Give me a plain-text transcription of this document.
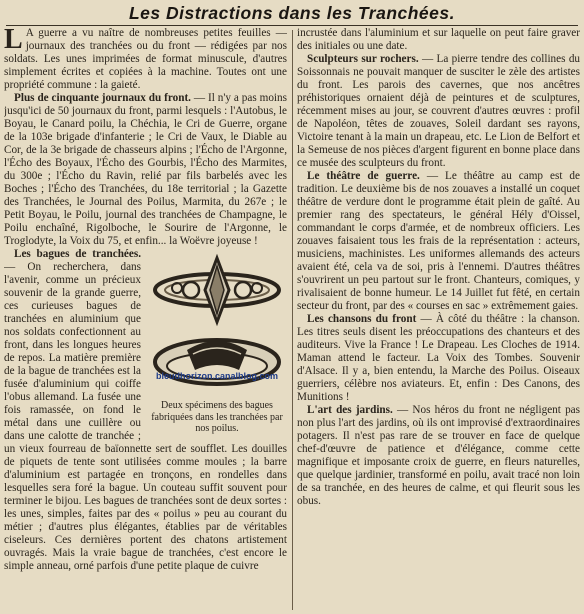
Les Distractions dans les Tranchées.

L A guerre a vu naître de nombreuses petites feuilles — journaux des tranchées ou du front — rédigées par nos soldats. Les unes imprimées de format minuscule, d'autres simplement écrites et copiées à la machine. Toutes ont une propriété commune : la gaieté.

Plus de cinquante journaux du front. — Il n'y a pas moins jusqu'ici de 50 journaux du front, parmi lesquels : l'Autobus, le Boyau, le Canard poilu, la Chéchia, le Cri de Guerre, organe de la 103e brigade d'infanterie ; le Cri de Vaux, le Diable au Cor, de la 3e brigade de chasseurs alpins ; l'Écho de l'Argonne, l'Écho des Boyaux, l'Écho des Gourbis, l'Écho des Marmites, du 300e ; l'Écho du Ravin, relié par fils barbelés avec les Boches ; l'Écho des Tranchées, du 18e territorial ; la Gazette des Tranchées, le Journal des Poilus, Marmita, du 267e ; le Petit Boyau, le Poilu, journal des tranchées de Champagne, le Poilu enchaîné, Rigolboche, le Sourire de l'Argonne, le Troglodyte, la Voix du 75, et enfin... la Woëvre joyeuse !

bleudhorizon.canalblog.com
Deux spécimens des bagues fabriquées dans les tranchées par nos poilus.

Les bagues de tranchées. — On recherchera, dans l'avenir, comme un précieux souvenir de la grande guerre, ces curieuses bagues de tranchées en aluminium que nos soldats confectionnent au front, dans les longues heures de repos. La matière première de la bague de tranchées est la fusée d'aluminium qui coiffe l'obus allemand. La fusée une fois ramassée, on fond le métal dans une cuillère ou dans une calotte de tranchée ; un vieux fourreau de baïonnette sert de soufflet. Les douilles de piquets de tente sont utilisées comme moules ; la barre d'aluminium est partagée en tronçons, en rondelles dans lesquelles sera foré la bague. Un couteau suffit souvent pour terminer le bijou. Les bagues de tranchées sont de deux sortes : les unes, simples, faites par des « poilus » peu au courant du métier ; d'autres plus élégantes, établies par de véritables ciseleurs. Ces dernières portent des chatons artistement ouvragés. Mais la vraie bague de tranchées, c'est encore le simple anneau, orné parfois d'une petite plaque de cuivre

incrustée dans l'aluminium et sur laquelle on peut faire graver des initiales ou une date.

Sculpteurs sur rochers. — La pierre tendre des collines du Soissonnais ne pouvait manquer de susciter le zèle des artistes du front. Les parois des cavernes, que nos ancêtres préhistoriques ornaient déjà de peintures et de sculptures, récemment mises au jour, se couvrent d'autres œuvres : profil de Napoléon, têtes de zouaves, Soleil dardant ses rayons, Victoire tenant à la main un drapeau, etc. Le Lion de Belfort et la Semeuse de nos pièces d'argent figurent en bonne place dans ce musée des sculpteurs du front.

Le théâtre de guerre. — Le théâtre au camp est de tradition. Le deuxième bis de nos zouaves a installé un coquet théâtre de verdure dont le programme était plein de gaîté. Au premier rang des spectateurs, le général Hély d'Oissel, commandant le corps d'armée, et de nombreux officiers. Les zouaves faisaient tous les frais de la représentation : acteurs, musiciens, machinistes. Les uniformes allemands des acteurs avaient été, cela va de soi, pris à l'ennemi. D'autres théâtres s'ouvrirent un peu partout sur le front. Chanteurs, comiques, y rivalisaient de bonne humeur. Le 14 Juillet fut fêté, en certain secteur du front, par des « courses en sac » extrêmement gaies.

Les chansons du front — À côté du théâtre : la chanson. Les titres seuls disent les préoccupations des chanteurs et des auditeurs. Vive la France ! Le Drapeau. Les Cloches de 1914. Maman attend le facteur. La Voix des Tombes. Souvenir d'Alsace. Il y a, bien entendu, la Marche des Poilus. Oiseaux guerriers, célèbre nos aviateurs. Et, enfin : Des Canons, des Munitions !

L'art des jardins. — Nos héros du front ne négligent pas non plus l'art des jardins, où ils ont improvisé d'extraordinaires potagers. Il n'est pas rare de se trouver en face de quelque chef-d'œuvre de patience et d'élégance, comme cette magnifique et imposante croix de guerre, en fleurs naturelles, que quelque jardinier, transformé en poilu, avait tracé non loin de sa tranchée, en des heures de calme, et qui fleurit sous les obus.
